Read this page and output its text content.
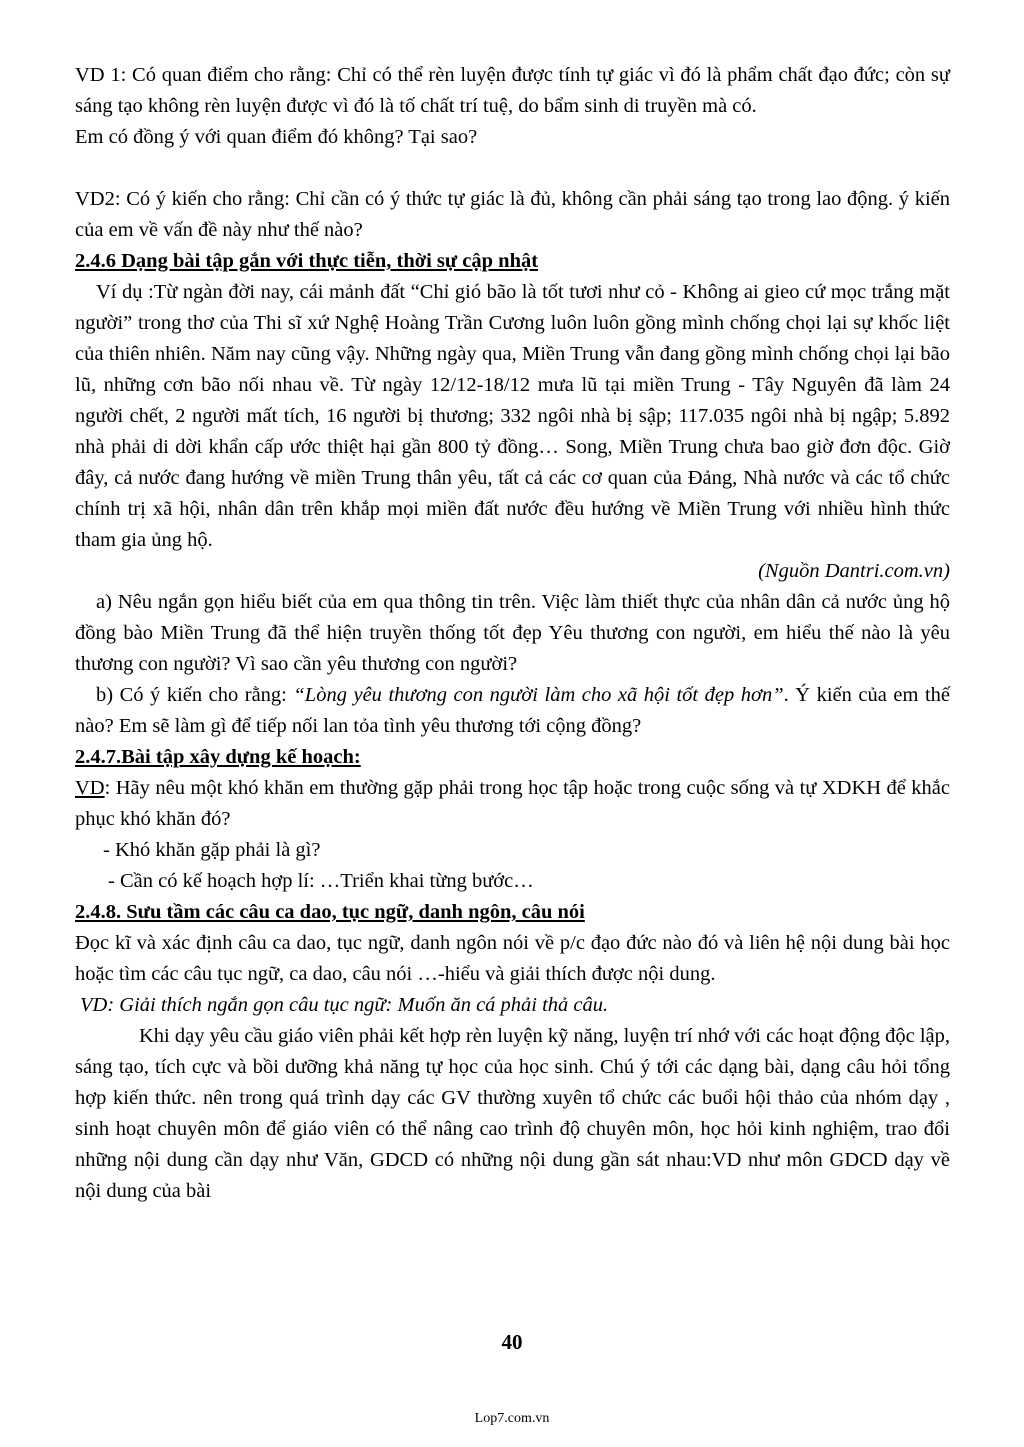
VD 1: Có quan điểm cho rằng: Chỉ có thể rèn luyện được tính tự giác vì đó là phẩm chất đạo đức; còn sự sáng tạo không rèn luyện được vì đó là tố chất trí tuệ, do bẩm sinh di truyền mà có.

Em có đồng ý với quan điểm đó không? Tại sao?

VD2: Có ý kiến cho rằng: Chỉ cần có ý thức tự giác là đủ, không cần phải sáng tạo trong lao động. ý kiến của em về vấn đề này như thế nào?

2.4.6 Dạng bài tập gắn với thực tiễn, thời sự cập nhật

Ví dụ :Từ ngàn đời nay, cái mảnh đất “Chỉ gió bão là tốt tươi như cỏ - Không ai gieo cứ mọc trắng mặt người” trong thơ của Thi sĩ xứ Nghệ Hoàng Trần Cương luôn luôn gồng mình chống chọi lại sự khốc liệt của thiên nhiên. Năm nay cũng vậy. Những ngày qua, Miền Trung vẫn đang gồng mình chống chọi lại bão lũ, những cơn bão nối nhau về. Từ ngày 12/12-18/12 mưa lũ tại miền Trung - Tây Nguyên đã làm 24 người chết, 2 người mất tích, 16 người bị thương; 332 ngôi nhà bị sập; 117.035 ngôi nhà bị ngập; 5.892 nhà phải di dời khẩn cấp ước thiệt hại gần 800 tỷ đồng… Song, Miền Trung chưa bao giờ đơn độc. Giờ đây, cả nước đang hướng về miền Trung thân yêu, tất cả các cơ quan của Đảng, Nhà nước và các tổ chức chính trị xã hội, nhân dân trên khắp mọi miền đất nước đều hướng về Miền Trung với nhiều hình thức tham gia ủng hộ.

(Nguồn Dantri.com.vn)

a) Nêu ngắn gọn hiểu biết của em qua thông tin trên. Việc làm thiết thực của nhân dân cả nước ủng hộ đồng bào Miền Trung đã thể hiện truyền thống tốt đẹp Yêu thương con người, em hiểu thế nào là yêu thương con người? Vì sao cần yêu thương con người?

b) Có ý kiến cho rằng: “Lòng yêu thương con người làm cho xã hội tốt đẹp hơn”. Ý kiến của em thế nào? Em sẽ làm gì để tiếp nối lan tỏa tình yêu thương tới cộng đồng?

2.4.7.Bài tập xây dựng kế hoạch:

VD: Hãy nêu một khó khăn em thường gặp phải trong học tập hoặc trong cuộc sống và tự XDKH để khắc phục khó khăn đó?

- Khó khăn gặp phải là gì?

- Cần có kế hoạch hợp lí: …Triển khai từng bước…

2.4.8. Sưu tầm các câu ca dao, tục ngữ, danh ngôn, câu nói

Đọc kĩ và xác định câu ca dao, tục ngữ, danh ngôn nói về p/c đạo đức nào đó và liên hệ nội dung bài học hoặc tìm các câu tục ngữ, ca dao, câu nói …-hiểu và giải thích được nội dung.

VD: Giải thích ngắn gọn câu tục ngữ: Muốn ăn cá phải thả câu.

Khi dạy yêu cầu giáo viên phải kết hợp rèn luyện kỹ năng, luyện trí nhớ với các hoạt động độc lập, sáng tạo, tích cực và bồi dưỡng khả năng tự học của học sinh. Chú ý tới các dạng bài, dạng câu hỏi tổng hợp kiến thức. nên trong quá trình dạy các GV thường xuyên tổ chức các buổi hội thảo của nhóm dạy , sinh hoạt chuyên môn để giáo viên có thể nâng cao trình độ chuyên môn, học hỏi kinh nghiệm, trao đổi những nội dung cần dạy như Văn, GDCD có những nội dung gần sát nhau:VD như môn GDCD dạy về nội dung của bài

40
Lop7.com.vn
